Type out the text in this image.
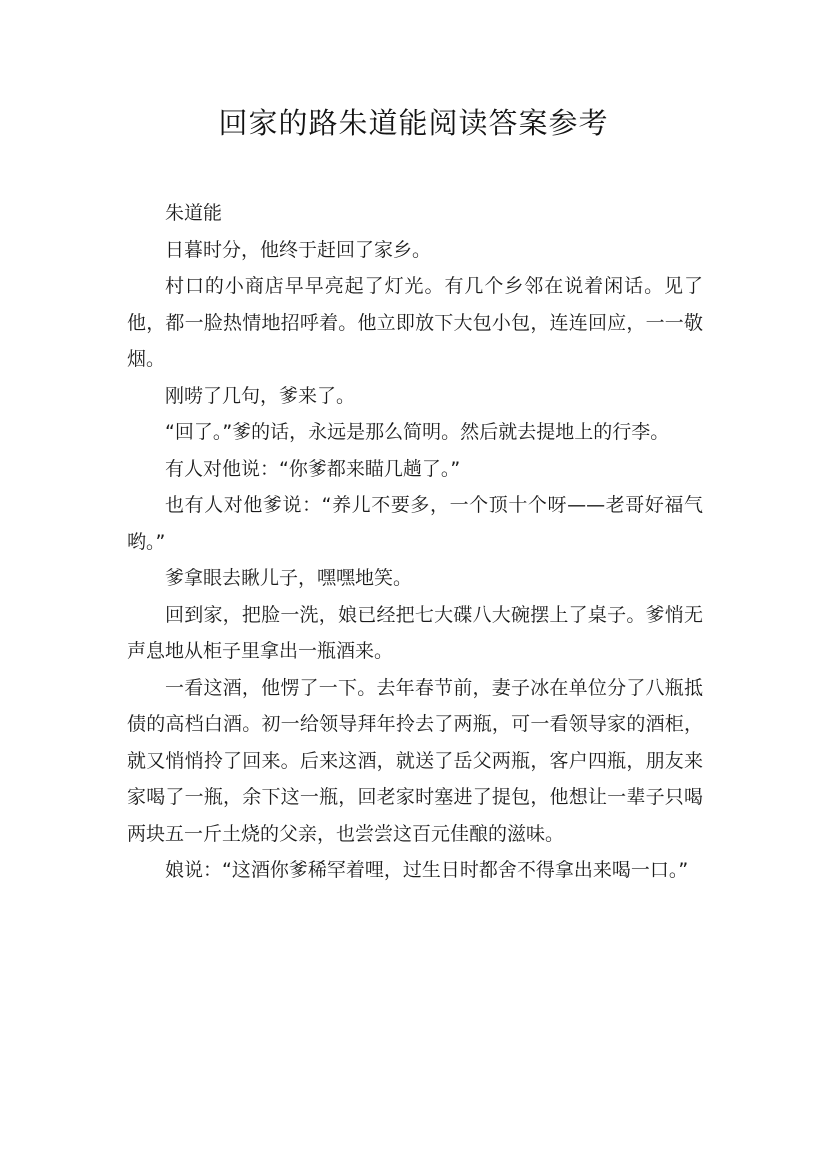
回家的路朱道能阅读答案参考

朱道能

日暮时分，他终于赶回了家乡。

村口的小商店早早亮起了灯光。有几个乡邻在说着闲话。见了他，都一脸热情地招呼着。他立即放下大包小包，连连回应，一一敬烟。

刚唠了几句，爹来了。

“回了。”爹的话，永远是那么简明。然后就去提地上的行李。

有人对他说：“你爹都来瞄几趟了。”

也有人对他爹说：“养儿不要多，一个顶十个呀——老哥好福气哟。”

爹拿眼去瞅儿子，嘿嘿地笑。

回到家，把脸一洗，娘已经把七大碟八大碗摆上了桌子。爹悄无声息地从柜子里拿出一瓶酒来。

一看这酒，他愣了一下。去年春节前，妻子冰在单位分了八瓶抵债的高档白酒。初一给领导拜年拎去了两瓶，可一看领导家的酒柜，就又悄悄拎了回来。后来这酒，就送了岳父两瓶，客户四瓶，朋友来家喝了一瓶，余下这一瓶，回老家时塞进了提包，他想让一辈子只喝两块五一斤土烧的父亲，也尝尝这百元佳酿的滋味。

娘说：“这酒你爹稀罕着哩，过生日时都舍不得拿出来喝一口。”
